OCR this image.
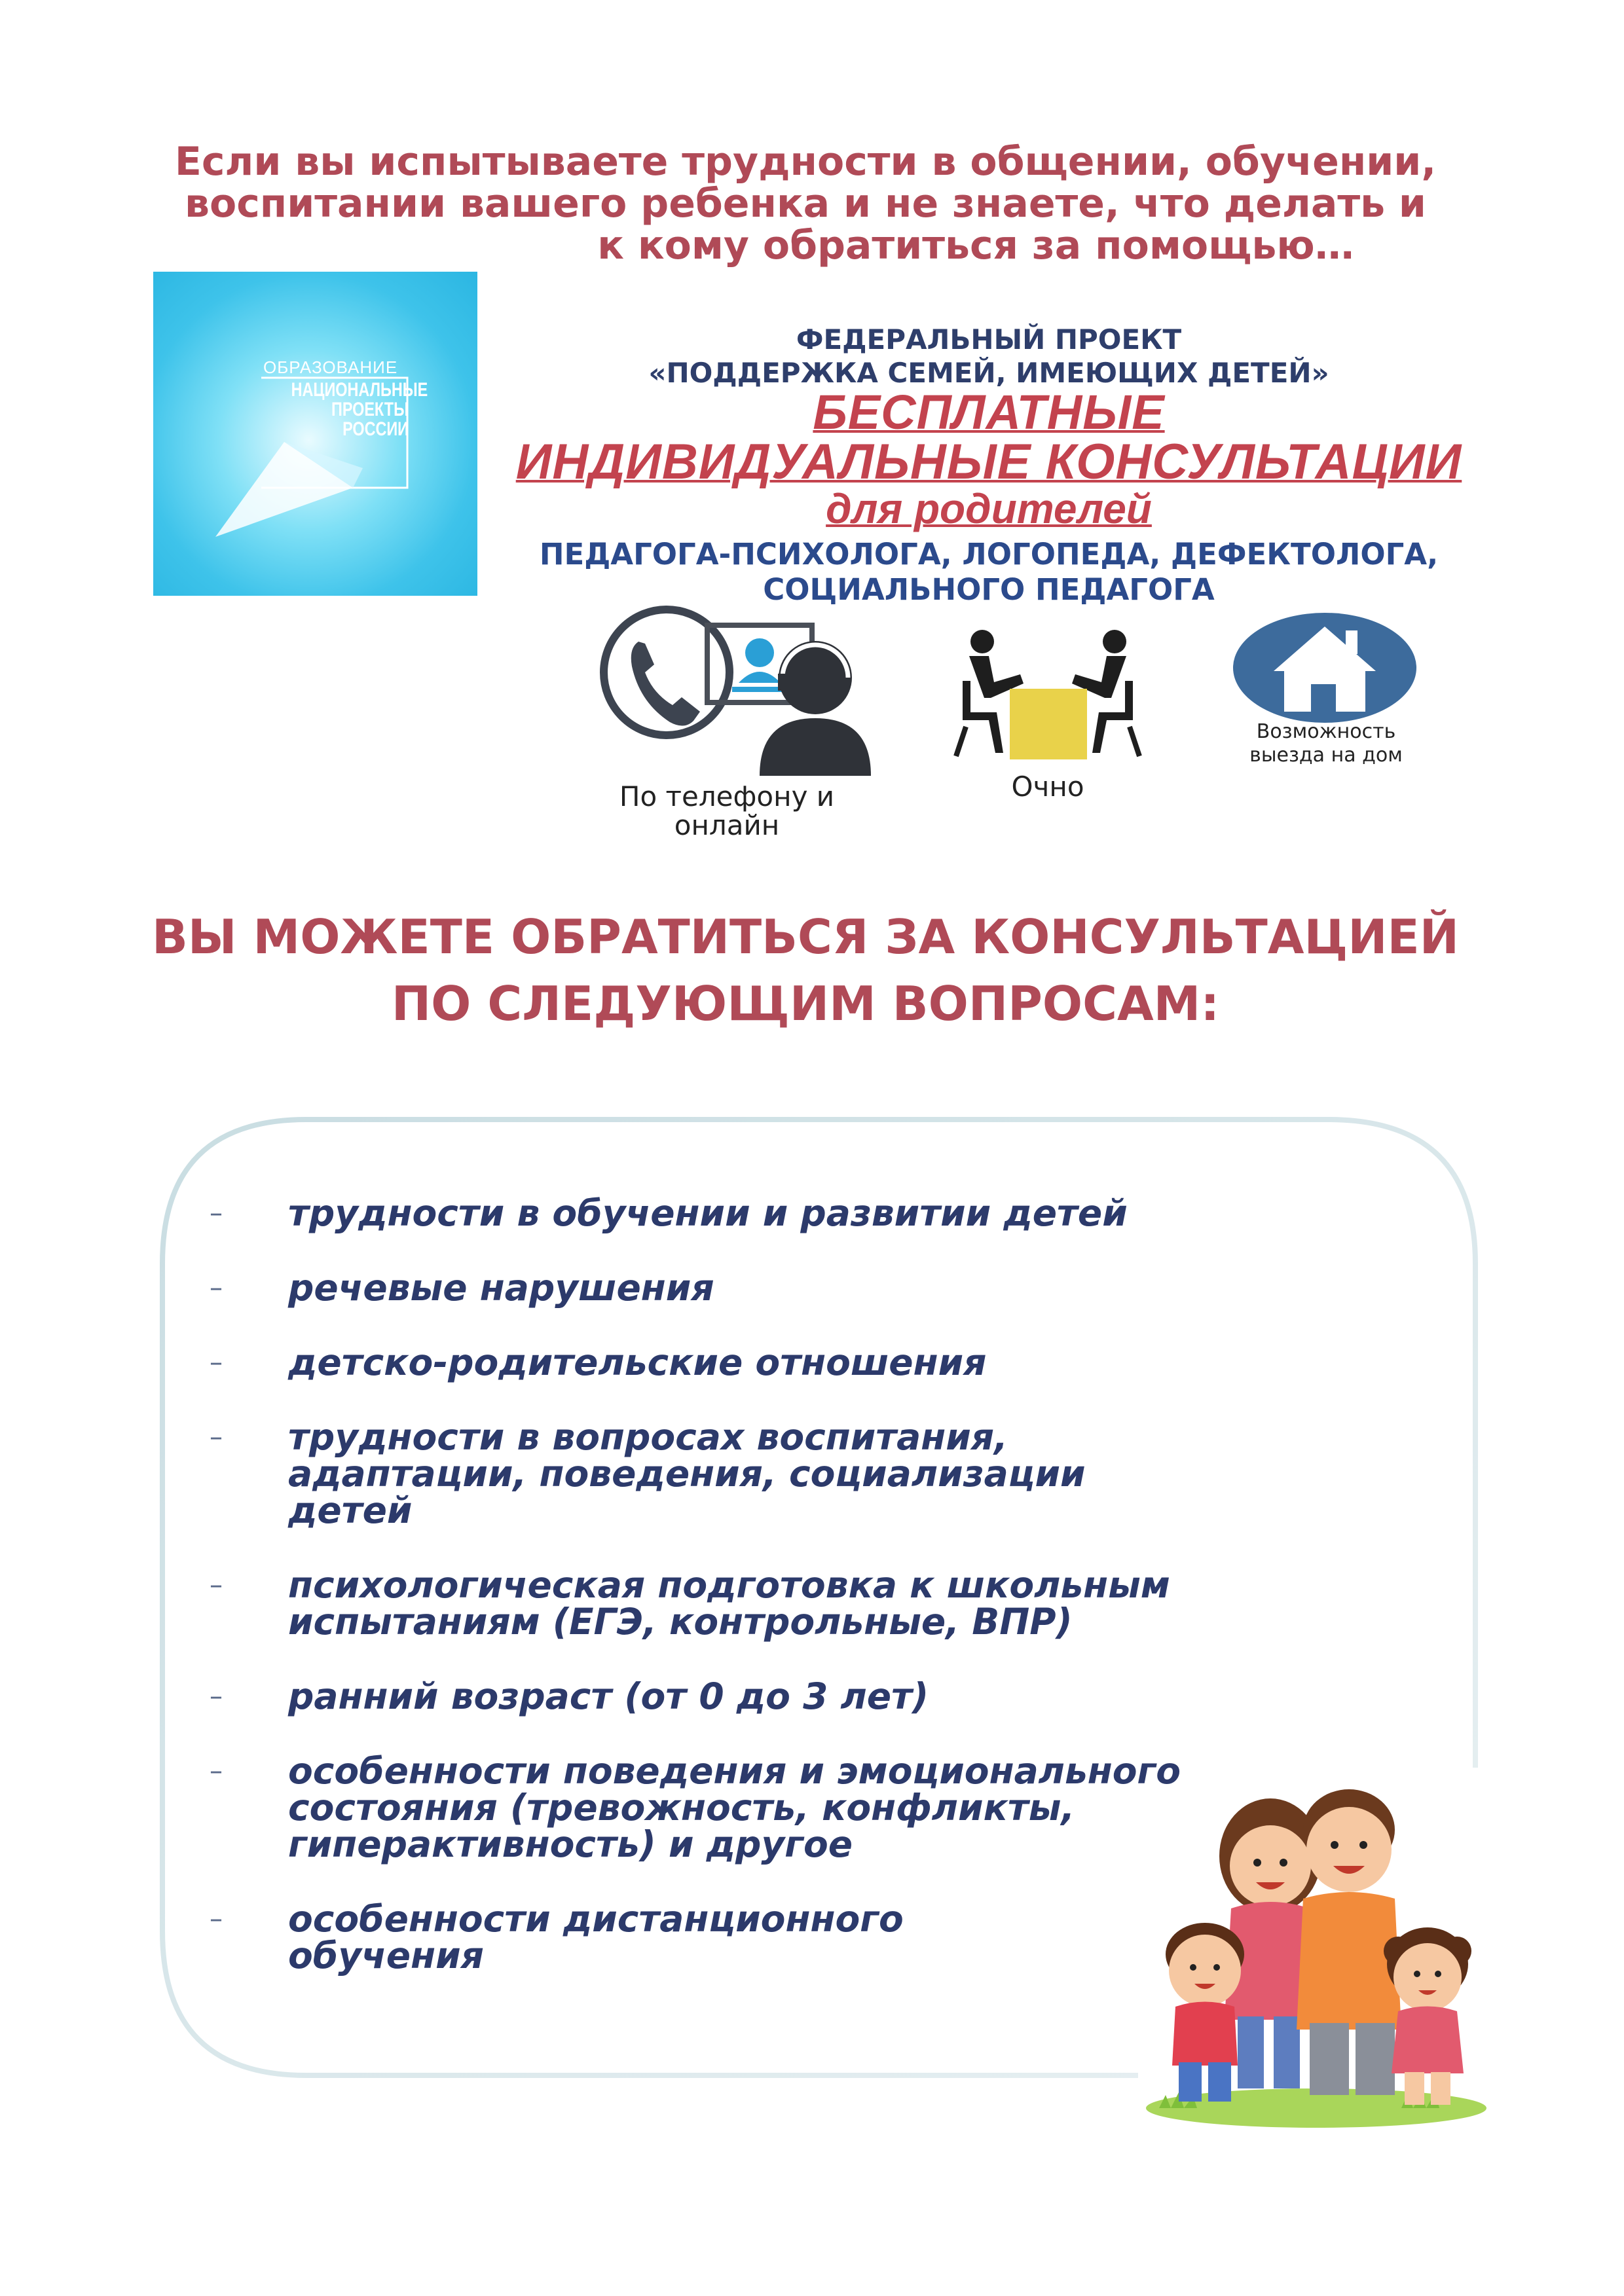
Если вы испытываете трудности в общении, обучении,
воспитании вашего ребенка и не знаете, что делать и
к кому обратиться за помощью…
ОБРАЗОВАНИЕ
НАЦИОНАЛЬНЫЕ
ПРОЕКТЫ
РОССИИ
ФЕДЕРАЛЬНЫЙ ПРОЕКТ
«ПОДДЕРЖКА СЕМЕЙ, ИМЕЮЩИХ ДЕТЕЙ»
БЕСПЛАТНЫЕ
ИНДИВИДУАЛЬНЫЕ КОНСУЛЬТАЦИИ
для родителей
ПЕДАГОГА-ПСИХОЛОГА, ЛОГОПЕДА, ДЕФЕКТОЛОГА,
СОЦИАЛЬНОГО ПЕДАГОГА
По телефону и
онлайн
Очно
Возможность
выезда на дом
ВЫ МОЖЕТЕ ОБРАТИТЬСЯ ЗА КОНСУЛЬТАЦИЕЙ
ПО СЛЕДУЮЩИМ ВОПРОСАМ:
–	трудности в обучении и развитии детей
–	речевые нарушения
–	детско-родительские отношения
–	трудности в вопросах воспитания,
адаптации, поведения, социализации
детей
–	психологическая подготовка к школьным
испытаниям (ЕГЭ, контрольные, ВПР)
–	ранний возраст (от 0 до 3 лет)
–	особенности поведения и эмоционального
состояния (тревожность, конфликты,
гиперактивность) и другое
–	особенности дистанционного
обучения
